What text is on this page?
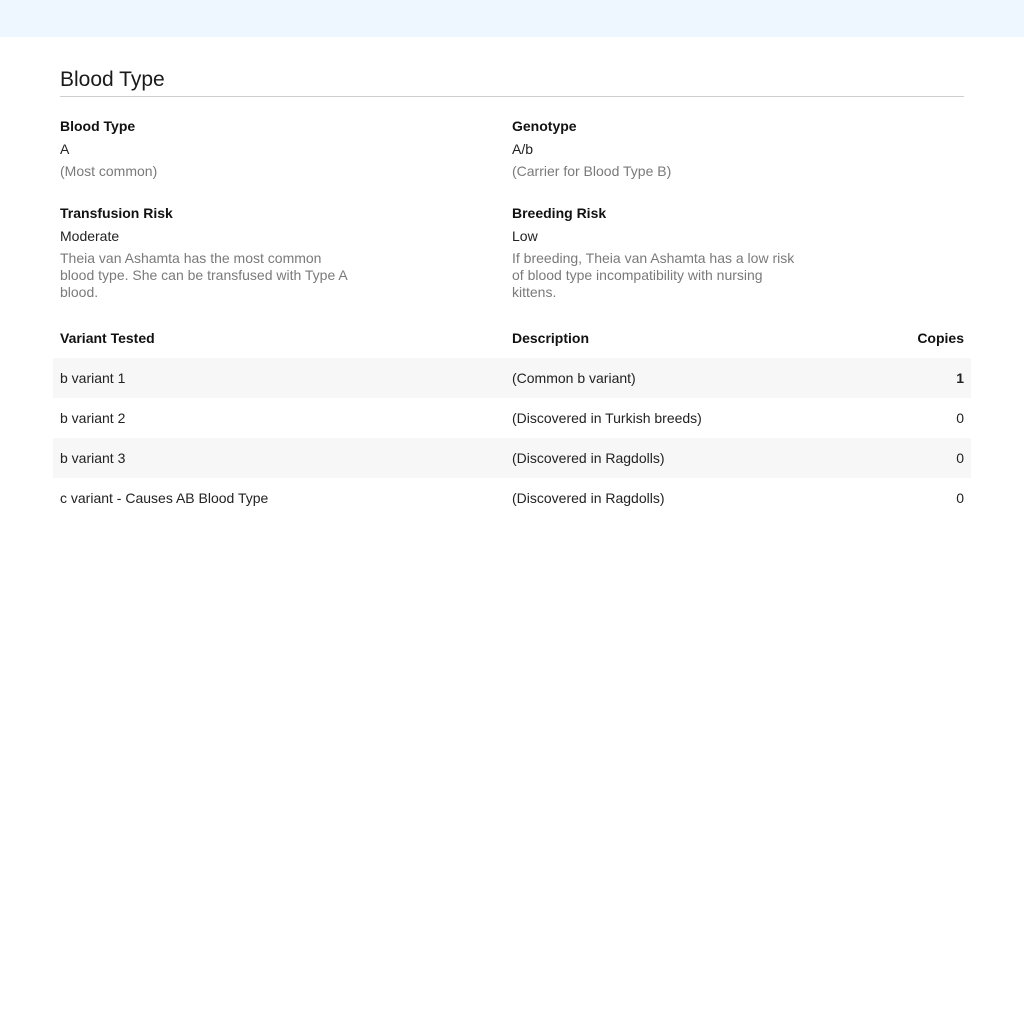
Blood Type
Blood Type
A
(Most common)
Genotype
A/b
(Carrier for Blood Type B)
Transfusion Risk
Moderate
Theia van Ashamta has the most common blood type. She can be transfused with Type A blood.
Breeding Risk
Low
If breeding, Theia van Ashamta has a low risk of blood type incompatibility with nursing kittens.
Variant Tested	Description	Copies
b variant 1	(Common b variant)	1
b variant 2	(Discovered in Turkish breeds)	0
b variant 3	(Discovered in Ragdolls)	0
c variant - Causes AB Blood Type	(Discovered in Ragdolls)	0
